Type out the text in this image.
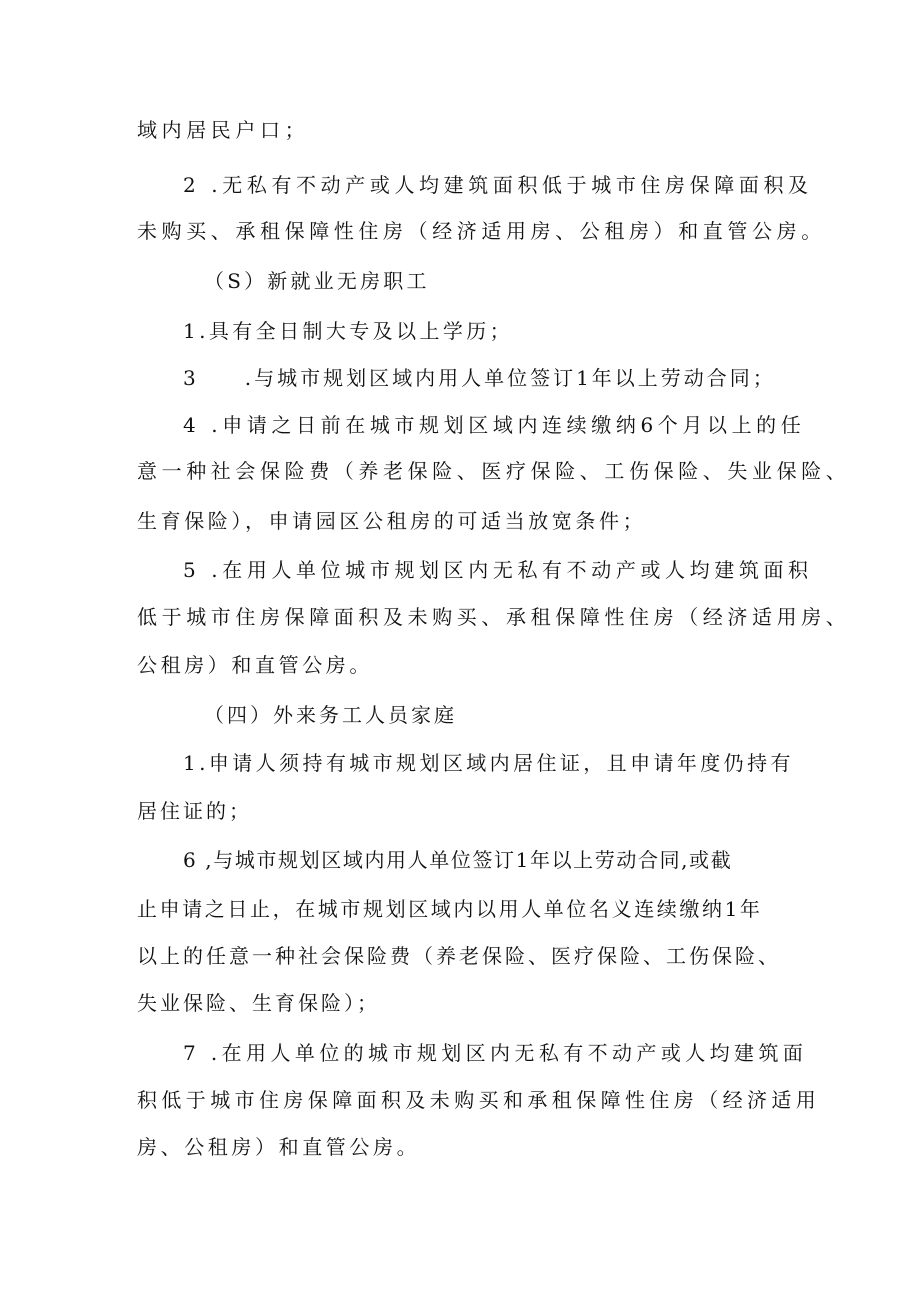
域内居民户口；
2 .无私有不动产或人均建筑面积低于城市住房保障面积及
未购买、承租保障性住房（经济适用房、公租房）和直管公房。
（S）新就业无房职工
1.具有全日制大专及以上学历；
3　　.与城市规划区域内用人单位签订1年以上劳动合同；
4 .申请之日前在城市规划区域内连续缴纳6个月以上的任
意一种社会保险费（养老保险、医疗保险、工伤保险、失业保险、
生育保险），申请园区公租房的可适当放宽条件；
5 .在用人单位城市规划区内无私有不动产或人均建筑面积
低于城市住房保障面积及未购买、承租保障性住房（经济适用房、
公租房）和直管公房。
（四）外来务工人员家庭
1.申请人须持有城市规划区域内居住证，且申请年度仍持有
居住证的；
6 ,与城市规划区域内用人单位签订1年以上劳动合同,或截
止申请之日止，在城市规划区域内以用人单位名义连续缴纳1年
以上的任意一种社会保险费（养老保险、医疗保险、工伤保险、
失业保险、生育保险）；
7 .在用人单位的城市规划区内无私有不动产或人均建筑面
积低于城市住房保障面积及未购买和承租保障性住房（经济适用
房、公租房）和直管公房。
